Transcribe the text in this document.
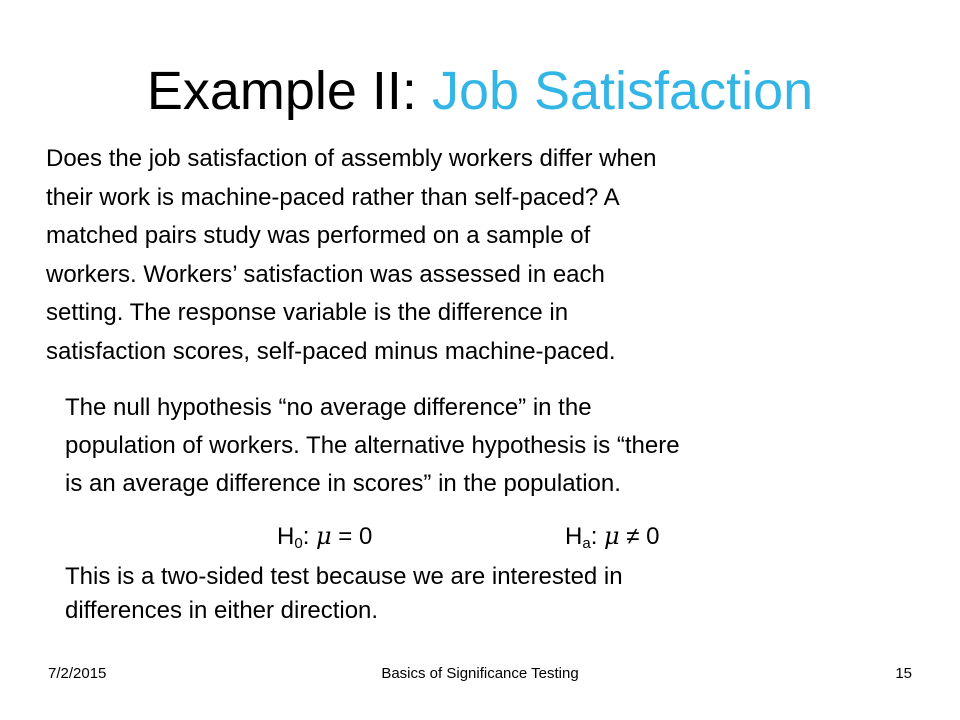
Example II: Job Satisfaction

Does the job satisfaction of assembly workers differ when

their work is machine-paced rather than self-paced? A

matched pairs study was performed on a sample of

workers. Workers’ satisfaction was assessed in each

setting. The response variable is the difference in

satisfaction scores, self-paced minus machine-paced.

The null hypothesis “no average difference” in the

population of workers. The alternative hypothesis is “there

is an average difference in scores” in the population.

$H_0$: μ = 0	$H_a$: μ ≠ 0

This is a two-sided test because we are interested in

differences in either direction.

7/2/2015	Basics of Significance Testing	15
